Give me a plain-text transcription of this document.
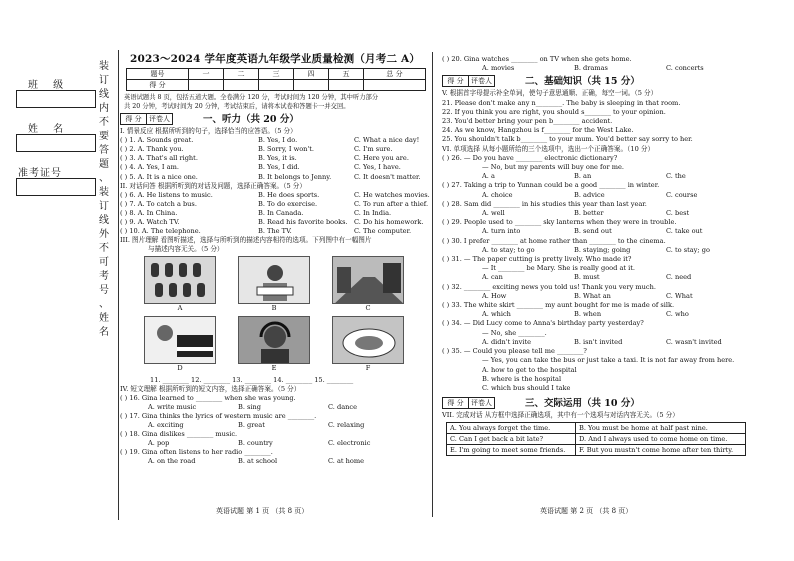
班 级
姓 名
准考证号
装
订
线
内
不
要
答
题
、
装
订
线
外
不
可
考
号
、
姓
名
2023～2024 学年度英语九年级学业质量检测（月考二 A）
题号	一	二	三	四	五	总 分
得 分						
英语试题共 8 页，包括五道大题。全卷满分 120 分，考试时间为 120 分钟，其中听力部分
共 20 分钟，考试时间为 20 分钟，考试结束后，请将本试卷和答题卡一并交回。
得 分	评卷人	一、听力（共 20 分）
I. 情景反应 根据所听到的句子，选择恰当的应答语。（5 分）
( ) 1. A. Sounds great.	B. Yes, I do.	C. What a nice day!
( ) 2. A. Thank you.	B. Sorry, I won't.	C. I'm sure.
( ) 3. A. That's all right.	B. Yes, it is.	C. Here you are.
( ) 4. A. Yes, I am.	B. Yes, I did.	C. Yes, I have.
( ) 5. A. It is a nice one.	B. It belongs to Jenny.	C. It doesn't matter.
II. 对话问答 根据所听到的对话及问题，选择正确答案。（5 分）
( ) 6. A. He listens to music.	B. He does sports.	C. He watches movies.
( ) 7. A. To catch a bus.	B. To do exercise.	C. To run after a thief.
( ) 8. A. In China.	B. In Canada.	C. In India.
( ) 9. A. Watch TV.	B. Read his favorite books. C. Do his homework.
( ) 10. A. The telephone.	B. The TV.	C. The computer.
III. 图片理解 看图听描述，选择与所听到的描述内容相符的选项。下列图中有一幅图片
与描述内容无关。（5 分）
A	B	C
D	E	F
11. ________ 12. ________ 13. ________ 14. ________ 15. ________
IV. 短文理解 根据所听到的短文内容，选择正确答案。（5 分）
( ) 16. Gina learned to ________ when she was young.
A. write music	B. sing	C. dance
( ) 17. Gina thinks the lyrics of western music are ________.
A. exciting	B. great	C. relaxing
( ) 18. Gina dislikes ________ music.
A. pop	B. country	C. electronic
( ) 19. Gina often listens to her radio ________.
A. on the road	B. at school	C. at home
英语试题 第 1 页 （共 8 页）
( ) 20. Gina watches ________ on TV when she gets home.
A. movies	B. dramas	C. concerts
得 分	评卷人	二、基础知识（共 15 分）
V. 根据首字母提示补全单词，使句子意思通顺、正确，每空一词。（5 分）
21. Please don't make any n________. The baby is sleeping in that room.
22. If you think you are right, you should s________ to your opinion.
23. You'd better bring your pen b________ accident.
24. As we know, Hangzhou is f________ for the West Lake.
25. You shouldn't talk b________ to your mum. You'd better say sorry to her.
VI. 单项选择 从每小题所给的三个选项中，选出一个正确答案。（10 分）
( ) 26. — Do you have ________ electronic dictionary?
— No, but my parents will buy one for me.
A. a	B. an	C. the
( ) 27. Taking a trip to Yunnan could be a good ________ in winter.
A. choice	B. advice	C. course
( ) 28. Sam did ________ in his studies this year than last year.
A. well	B. better	C. best
( ) 29. People used to ________ sky lanterns when they were in trouble.
A. turn into	B. send out	C. take out
( ) 30. I prefer ________ at home rather than ________ to the cinema.
A. to stay; to go	B. staying; going	C. to stay; go
( ) 31. — The paper cutting is pretty lively. Who made it?
— It ________ be Mary. She is really good at it.
A. can	B. must	C. need
( ) 32. ________ exciting news you told us! Thank you very much.
A. How	B. What an	C. What
( ) 33. The white skirt ________ my aunt bought for me is made of silk.
A. which	B. when	C. who
( ) 34. — Did Lucy come to Anna's birthday party yesterday?
— No, she ________.
A. didn't invite	B. isn't invited	C. wasn't invited
( ) 35. — Could you please tell me ________?
— Yes, you can take the bus or just take a taxi. It is not far away from here.
A. how to get to the hospital
B. where is the hospital
C. which bus should I take
得 分	评卷人	三、交际运用（共 10 分）
VII. 完成对话 从方框中选择正确选项，其中有一个选项与对话内容无关。（5 分）
A. You always forget the time.	B. You must be home at half past nine.
C. Can I get back a bit late?	D. And I always used to come home on time.
E. I'm going to meet some friends.	F. But you mustn't come home after ten thirty.
英语试题 第 2 页 （共 8 页）
